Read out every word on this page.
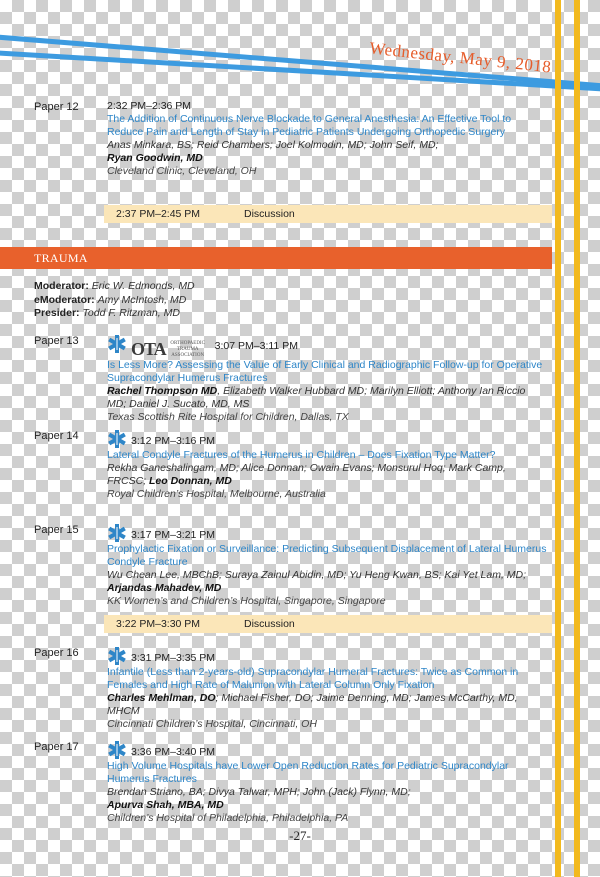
Wednesday, May 9, 2018
Paper 12	2:32 PM–2:36 PM
The Addition of Continuous Nerve Blockade to General Anesthesia: An Effective Tool to Reduce Pain and Length of Stay in Pediatric Patients Undergoing Orthopedic Surgery
Anas Minkara, BS; Reid Chambers; Joel Kolmodin, MD; John Seif, MD;
Ryan Goodwin, MD
Cleveland Clinic, Cleveland, OH
2:37 PM–2:45 PM	Discussion
TRAUMA
Moderator: Eric W. Edmonds, MD
eModerator: Amy McIntosh, MD
Presider: Todd F. Ritzman, MD
Paper 13	OTA ORTHOPAEDIC TRAUMA ASSOCIATION
3:07 PM–3:11 PM
Is Less More? Assessing the Value of Early Clinical and Radiographic Follow-up for Operative Supracondylar Humerus Fractures
Rachel Thompson MD, Elizabeth Walker Hubbard MD; Marilyn Elliott; Anthony Ian Riccio MD; Daniel J. Sucato, MD, MS
Texas Scottish Rite Hospital for Children, Dallas, TX
Paper 14	3:12 PM–3:16 PM
Lateral Condyle Fractures of the Humerus in Children – Does Fixation Type Matter?
Rekha Ganeshalingam, MD; Alice Donnan; Owain Evans; Monsurul Hoq; Mark Camp, FRCSC; Leo Donnan, MD
Royal Children’s Hospital, Melbourne, Australia
Paper 15	3:17 PM–3:21 PM
Prophylactic Fixation or Surveillance: Predicting Subsequent Displacement of Lateral Humerus Condyle Fracture
Wu Chean Lee, MBChB; Suraya Zainul Abidin, MD; Yu Heng Kwan, BS; Kai Yet Lam, MD; Arjandas Mahadev, MD
KK Women’s and Children’s Hospital, Singapore, Singapore
3:22 PM–3:30 PM	Discussion
Paper 16	3:31 PM–3:35 PM
Infantile (Less than 2-years-old) Supracondylar Humeral Fractures: Twice as Common in Females and High Rate of Malunion with Lateral Column Only Fixation
Charles Mehlman, DO; Michael Fisher, DO; Jaime Denning, MD; James McCarthy, MD, MHCM
Cincinnati Children’s Hospital, Cincinnati, OH
Paper 17	3:36 PM–3:40 PM
High Volume Hospitals have Lower Open Reduction Rates for Pediatric Supracondylar Humerus Fractures
Brendan Striano, BA; Divya Talwar, MPH; John (Jack) Flynn, MD;
Apurva Shah, MBA, MD
Children’s Hospital of Philadelphia, Philadelphia, PA
-27-
